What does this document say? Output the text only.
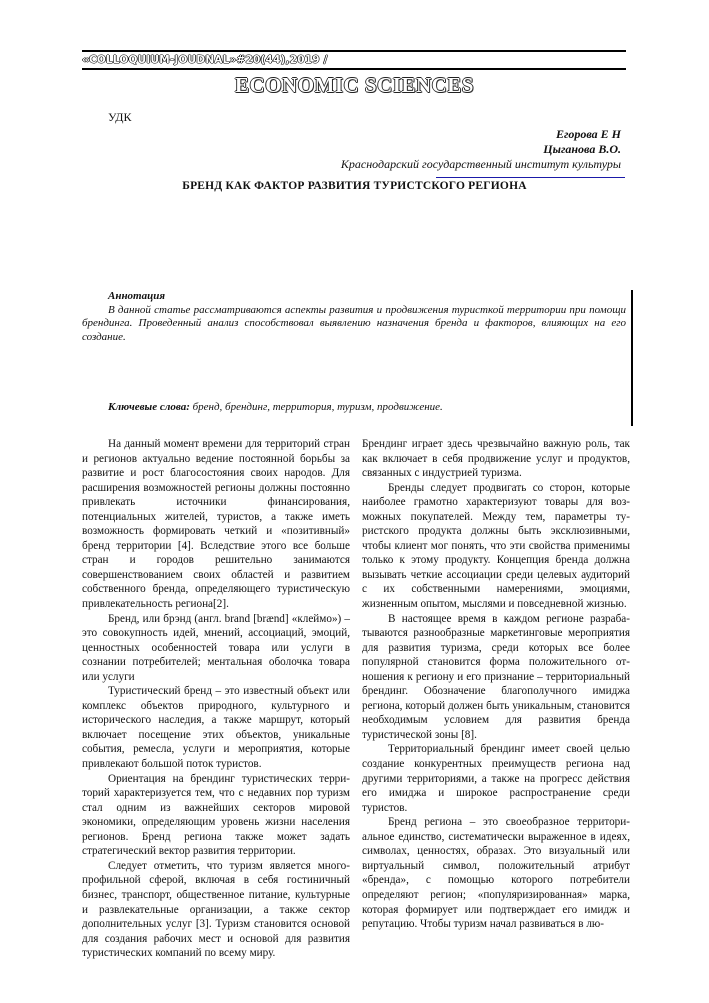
«COLLOQUIUM-JOUDNAL»#20(44),2019 /
ECONOMIC SCIENCES
УДК
Егорова Е Н
Цыганова В.О.
Краснодарский государственный институт культуры
БРЕНД КАК ФАКТОР РАЗВИТИЯ ТУРИСТСКОГО РЕГИОНА
Аннотация
В данной статье рассматриваются аспекты развития и продвижения туристкой территории при помощи брендинга. Проведенный анализ способствовал выявлению назначения бренда и факторов, влияющих на его создание.
Ключевые слова: бренд, брендинг, территория, туризм, продвижение.

На данный момент времени для территорий стран и регионов актуально ведение постоянной борьбы за развитие и рост благосостояния своих народов. Для расширения возможностей регионы должны постоянно привлекать источники финансирования, потенциальных жителей, туристов, а также иметь возможность формировать четкий и «позитивный» бренд территории [4]. Вследствие этого все больше стран и городов решительно занимаются совершенствованием своих областей и развитием собственного бренда, определяющего туристическую привлекательность региона[2].

Бренд, или брэнд (англ. brand [brænd] «клеймо») – это совокупность идей, мнений, ассоциаций, эмоций, ценностных особенностей товара или услуги в сознании потребителей; ментальная оболочка товара или услуги

Туристический бренд – это известный объект или комплекс объектов природного, культурного и исторического наследия, а также маршрут, который включает посещение этих объектов, уникальные события, ремесла, услуги и мероприятия, которые привлекают большой поток туристов.

Ориентация на брендинг туристических территорий характеризуется тем, что с недавних пор туризм стал одним из важнейших секторов мировой экономики, определяющим уровень жизни населения регионов. Бренд региона также может задать стратегический вектор развития территории.

Следует отметить, что туризм является многопрофильной сферой, включая в себя гостиничный бизнес, транспорт, общественное питание, культурные и развлекательные организации, а также сектор дополнительных услуг [3]. Туризм становится основой для создания рабочих мест и основой для развития туристических компаний по всему миру.

Брендинг играет здесь чрезвычайно важную роль, так как включает в себя продвижение услуг и продуктов, связанных с индустрией туризма.

Бренды следует продвигать со сторон, которые наиболее грамотно характеризуют товары для возможных покупателей. Между тем, параметры туристского продукта должны быть эксклюзивными, чтобы клиент мог понять, что эти свойства применимы только к этому продукту. Концепция бренда должна вызывать четкие ассоциации среди целевых аудиторий с их собственными намерениями, эмоциями, жизненным опытом, мыслями и повседневной жизнью.

В настоящее время в каждом регионе разрабатываются разнообразные маркетинговые мероприятия для развития туризма, среди которых все более популярной становится форма положительного отношения к региону и его признание – территориальный брендинг. Обозначение благополучного имиджа региона, который должен быть уникальным, становится необходимым условием для развития бренда туристической зоны [8].

Территориальный брендинг имеет своей целью создание конкурентных преимуществ региона над другими территориями, а также на прогресс действия его имиджа и широкое распространение среди туристов.

Бренд региона – это своеобразное территориальное единство, систематически выраженное в идеях, символах, ценностях, образах. Это визуальный или виртуальный символ, положительный атрибут «бренда», с помощью которого потребители определяют регион; «популяризированная» марка, которая формирует или подтверждает его имидж и репутацию. Чтобы туризм начал развиваться в лю-
